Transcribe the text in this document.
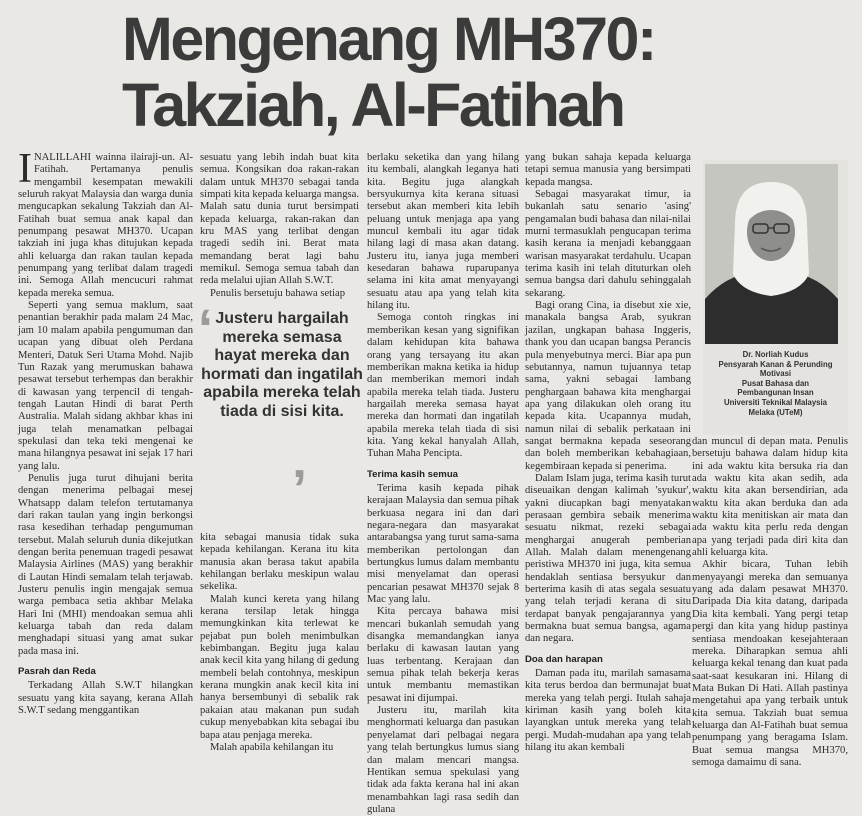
Mengenang MH370:
Takziah, Al-Fatihah

INALILLAHI wainna ilairaji-un. Al-Fatihah. Pertamanya penulis mengambil kesempatan mewakili seluruh rakyat Malaysia dan warga dunia mengucapkan sekalung Takziah dan Al-Fatihah buat semua anak kapal dan penumpang pesawat MH370. Ucapan takziah ini juga khas ditujukan kepada ahli keluarga dan rakan taulan kepada penumpang yang terlibat dalam tragedi ini. Semoga Allah mencucuri rahmat kepada mereka semua.

Seperti yang semua maklum, saat penantian berakhir pada malam 24 Mac, jam 10 malam apabila pengumuman dan ucapan yang dibuat oleh Perdana Menteri, Datuk Seri Utama Mohd. Najib Tun Razak yang merumuskan bahawa pesawat tersebut terhempas dan berakhir di kawasan yang terpencil di tengah-tengah Lautan Hindi di barat Perth Australia. Malah sidang akhbar khas ini juga telah menamatkan pelbagai spekulasi dan teka teki mengenai ke mana hilangnya pesawat ini sejak 17 hari yang lalu.

Penulis juga turut dihujani berita dengan menerima pelbagai mesej Whatsapp dalam telefon tertutamanya dari rakan taulan yang ingin berkongsi rasa kesedihan terhadap pengumuman tersebut. Malah seluruh dunia dikejutkan dengan berita penemuan tragedi pesawat Malaysia Airlines (MAS) yang berakhir di Lautan Hindi semalam telah terjawab. Justeru penulis ingin mengajak semua warga pembaca setia akhbar Melaka Hari Ini (MHI) mendoakan semua ahli keluarga tabah dan reda dalam menghadapi situasi yang amat sukar pada masa ini.

Pasrah dan Reda

Terkadang Allah S.W.T hilangkan sesuatu yang kita sayang, kerana Allah S.W.T sedang menggantikan

sesuatu yang lebih indah buat kita semua. Kongsikan doa rakan-rakan dalam untuk MH370 sebagai tanda simpati kita kepada keluarga mangsa. Malah satu dunia turut bersimpati kepada keluarga, rakan-rakan dan kru MAS yang terlibat dengan tragedi sedih ini. Berat mata memandang berat lagi bahu memikul. Semoga semua tabah dan reda melalui ujian Allah S.W.T.

Penulis bersetuju bahawa setiap

kita sebagai manusia tidak suka kepada kehilangan. Kerana itu kita manusia akan berasa takut apabila kehilangan berlaku meskipun walau sekelika.

Malah kunci kereta yang hilang kerana tersilap letak hingga memungkinkan kita terlewat ke pejabat pun boleh menimbulkan kebimbangan. Begitu juga kalau anak kecil kita yang hilang di gedung membeli belah contohnya, meskipun kerana mungkin anak kecil kita ini hanya bersembunyi di sebalik rak pakaian atau makanan pun sudah cukup menyebabkan kita sebagai ibu bapa atau penjaga mereka.

Malah apabila kehilangan itu

‘ Justeru hargailah mereka semasa hayat mereka dan hormati dan ingatilah apabila mereka telah tiada di sisi kita.
’

berlaku seketika dan yang hilang itu kembali, alangkah leganya hati kita. Begitu juga alangkah bersyukurnya kita kerana situasi tersebut akan memberi kita lebih peluang untuk menjaga apa yang muncul kembali itu agar tidak hilang lagi di masa akan datang. Justeru itu, ianya juga memberi kesedaran bahawa ruparupanya selama ini kita amat menyayangi sesuatu atau apa yang telah kita hilang itu.

Semoga contoh ringkas ini memberikan kesan yang signifikan dalam kehidupan kita bahawa orang yang tersayang itu akan memberikan makna ketika ia hidup dan memberikan memori indah apabila mereka telah tiada. Justeru hargailah mereka semasa hayat mereka dan hormati dan ingatilah apabila mereka telah tiada di sisi kita. Yang kekal hanyalah Allah, Tuhan Maha Pencipta.

Terima kasih semua

Terima kasih kepada pihak kerajaan Malaysia dan semua pihak berkuasa negara ini dan dari negara-negara dan masyarakat antarabangsa yang turut sama-sama memberikan pertolongan dan bertungkus lumus dalam membantu misi menyelamat dan operasi pencarian pesawat MH370 sejak 8 Mac yang lalu.

Kita percaya bahawa misi mencari bukanlah semudah yang disangka memandangkan ianya berlaku di kawasan lautan yang luas terbentang. Kerajaan dan semua pihak telah bekerja keras untuk membantu memastikan pesawat ini dijumpai.

Justeru itu, marilah kita menghormati keluarga dan pasukan penyelamat dari pelbagai negara yang telah bertungkus lumus siang dan malam mencari mangsa. Hentikan semua spekulasi yang tidak ada fakta kerana hal ini akan menambahkan lagi rasa sedih dan gulana

yang bukan sahaja kepada keluarga tetapi semua manusia yang bersimpati kepada mangsa.

Sebagai masyarakat timur, ia bukanlah satu senario 'asing' pengamalan budi bahasa dan nilai-nilai murni termasuklah pengucapan terima kasih kerana ia menjadi kebanggaan warisan masyarakat terdahulu. Ucapan terima kasih ini telah dituturkan oleh semua bangsa dari dahulu sehinggalah sekarang.

Bagi orang Cina, ia disebut xie xie, manakala bangsa Arab, syukran jazilan, ungkapan bahasa Inggeris, thank you dan ucapan bangsa Perancis pula menyebutnya merci. Biar apa pun sebutannya, namun tujuannya tetap sama, yakni sebagai lambang penghargaan bahawa kita menghargai apa yang dilakukan oleh orang itu kepada kita. Ucapannya mudah, namun nilai di sebalik perkataan ini sangat bermakna kepada seseorang dan boleh memberikan kebahagiaan, kegembiraan kepada si penerima.

Dalam Islam juga, terima kasih turut diseuaikan dengan kalimah 'syukur', yakni diucapkan bagi menyatakan perasaan gembira sebaik menerima sesuatu nikmat, rezeki sebagai menghargai anugerah pemberian Allah. Malah dalam menengenang peristiwa MH370 ini juga, kita semua hendaklah sentiasa bersyukur dan berterima kasih di atas segala sesuatu yang telah terjadi kerana di situ terdapat banyak pengajarannya yang bermakna buat semua bangsa, agama dan negara.

Doa dan harapan

Daman pada itu, marilah samasama kita terus berdoa dan bermunajat buat mereka yang telah pergi. Itulah sahaja kiriman kasih yang boleh kita layangkan untuk mereka yang telah pergi. Mudah-mudahan apa yang telah hilang itu akan kembali

Dr. Norliah Kudus
Pensyarah Kanan & Perunding
Motivasi
Pusat Bahasa dan
Pembangunan Insan
Universiti Teknikal Malaysia
Melaka (UTeM)

dan muncul di depan mata. Penulis bersetuju bahawa dalam hidup kita ini ada waktu kita bersuka ria dan ada waktu kita akan sedih, ada waktu kita akan bersendirian, ada waktu kita akan berduka dan ada waktu kita menitiskan air mata dan ada waktu kita perlu reda dengan apa yang terjadi pada diri kita dan ahli keluarga kita.

Akhir bicara, Tuhan lebih menyayangi mereka dan semuanya yang ada dalam pesawat MH370. Daripada Dia kita datang, daripada Dia kita kembali. Yang pergi tetap pergi dan kita yang hidup pastinya sentiasa mendoakan kesejahteraan mereka. Diharapkan semua ahli keluarga kekal tenang dan kuat pada saat-saat kesukaran ini. Hilang di Mata Bukan Di Hati. Allah pastinya mengetahui apa yang terbaik untuk kita semua. Takziah buat semua keluarga dan Al-Fatihah buat semua penumpang yang beragama Islam. Buat semua mangsa MH370, semoga damaimu di sana.
